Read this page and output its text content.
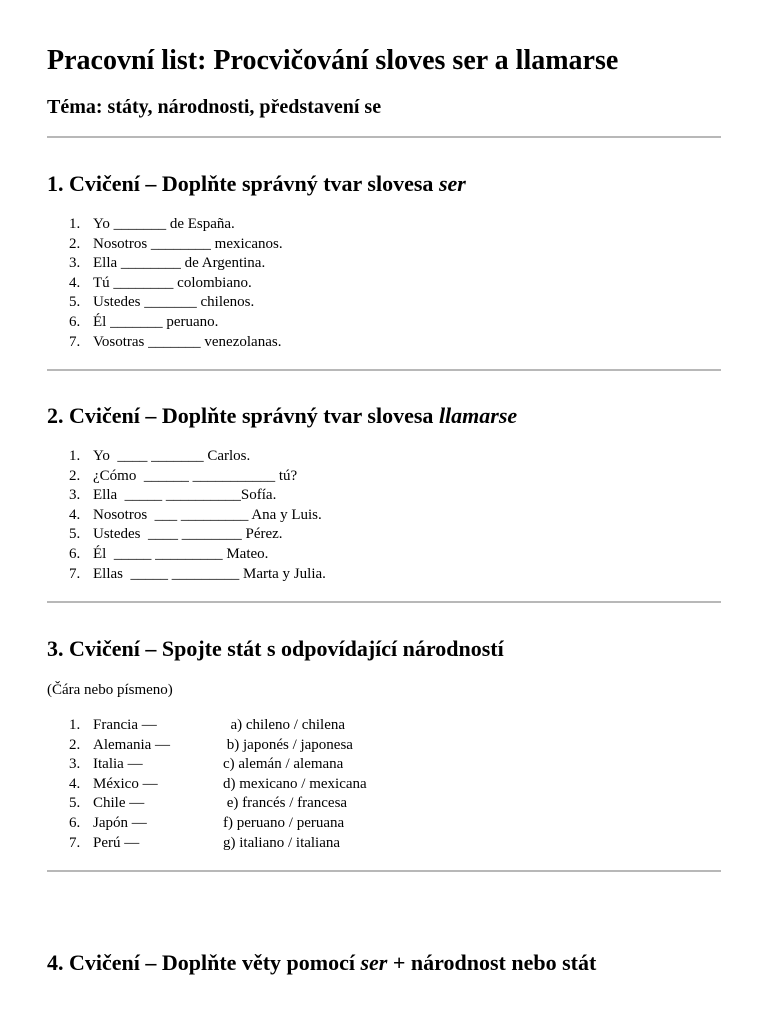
Pracovní list: Procvičování sloves ser a llamarse

Téma: státy, národnosti, představení se

1. Cvičení – Doplňte správný tvar slovesa ser
1. Yo _______ de España.
2. Nosotros ________ mexicanos.
3. Ella ________ de Argentina.
4. Tú ________ colombiano.
5. Ustedes _______ chilenos.
6. Él _______ peruano.
7. Vosotras _______ venezolanas.
2. Cvičení – Doplňte správný tvar slovesa llamarse
1. Yo  ____ _______ Carlos.
2. ¿Cómo  ______ ___________ tú?
3. Ella  _____ __________Sofía.
4. Nosotros  ___ _________ Ana y Luis.
5. Ustedes  ____ ________ Pérez.
6. Él  _____ _________ Mateo.
7. Ellas  _____ _________ Marta y Julia.
3. Cvičení – Spojte stát s odpovídající národností

(Čára nebo písmeno)

1. Francia —	a) chileno / chilena
2. Alemania —	b) japonés / japonesa
3. Italia —	c) alemán / alemana
4. México —	d) mexicano / mexicana
5. Chile —	e) francés / francesa
6. Japón —	f) peruano / peruana
7. Perú —	g) italiano / italiana
4. Cvičení – Doplňte věty pomocí ser + národnost nebo stát
